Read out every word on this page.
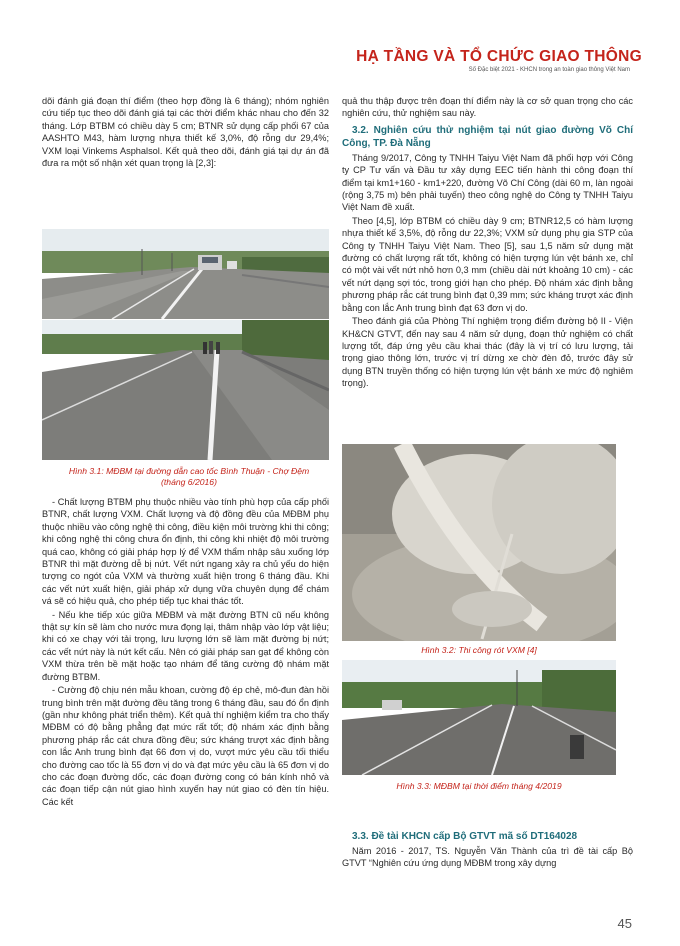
HẠ TẦNG VÀ TỔ CHỨC GIAO THÔNG
Số Đặc biệt 2021 - KHCN trong an toàn giao thông Việt Nam

dõi đánh giá đoạn thí điểm (theo hợp đồng là 6 tháng); nhóm nghiên cứu tiếp tục theo dõi đánh giá tại các thời điểm khác nhau cho đến 32 tháng. Lớp BTBM có chiều dày 5 cm; BTNR sử dụng cấp phối 67 của AASHTO M43, hàm lượng nhựa thiết kế 3,0%, độ rỗng dư 29,4%; VXM loại Vinkems Asphalsol. Kết quả theo dõi, đánh giá tại dự án đã đưa ra một số nhận xét quan trọng là [2,3]:

Hình 3.1: MĐBM tại đường dẫn cao tốc Bình Thuận - Chợ Đệm (tháng 6/2016)

- Chất lượng BTBM phụ thuộc nhiều vào tính phù hợp của cấp phối BTNR, chất lượng VXM. Chất lượng và độ đồng đều của MĐBM phụ thuộc nhiều vào công nghệ thi công, điều kiện môi trường khi thi công; khi công nghệ thi công chưa ổn định, thi công khi nhiệt độ môi trường quá cao, không có giải pháp hợp lý để VXM thẩm nhập sâu xuống lớp BTNR thì mặt đường dễ bị nứt. Vết nứt ngang xảy ra chủ yếu do hiện tượng co ngót của VXM và thường xuất hiện trong 6 tháng đầu. Khi các vết nứt xuất hiện, giải pháp xử dụng vữa chuyên dụng để chám vá sẽ có hiệu quả, cho phép tiếp tục khai thác tốt.

- Nếu khe tiếp xúc giữa MĐBM và mặt đường BTN cũ nếu không thật sự kín sẽ làm cho nước mưa đọng lại, thâm nhập vào lớp vật liệu; khi có xe chạy với tải trọng, lưu lượng lớn sẽ làm mặt đường bị nứt; các vết nứt này là nứt kết cấu. Nên có giải pháp san gạt để không còn VXM thừa trên bề mặt hoặc tạo nhám để tăng cường độ nhám mặt đường BTBM.

- Cường độ chịu nén mẫu khoan, cường độ ép chẻ, mô-đun đàn hồi trung bình trên mặt đường đều tăng trong 6 tháng đầu, sau đó ổn định (gần như không phát triển thêm). Kết quả thí nghiệm kiểm tra cho thấy MĐBM có độ bằng phẳng đạt mức rất tốt; độ nhám xác định bằng phương pháp rắc cát chưa đồng đều; sức kháng trượt xác định bằng con lắc Anh trung bình đạt 66 đơn vị do, vượt mức yêu cầu tối thiểu cho đường cao tốc là 55 đơn vị do và đạt mức yêu cầu là 65 đơn vị do cho các đoạn đường dốc, các đoạn đường cong có bán kính nhỏ và các đoạn tiếp cận nút giao hình xuyến hay nút giao có đèn tín hiệu. Các kết

quả thu thập được trên đoạn thí điểm này là cơ sở quan trọng cho các nghiên cứu, thử nghiệm sau này.

3.2. Nghiên cứu thử nghiệm tại nút giao đường Võ Chí Công, TP. Đà Nẵng

Tháng 9/2017, Công ty TNHH Taiyu Việt Nam đã phối hợp với Công ty CP Tư vấn và Đầu tư xây dựng EEC tiến hành thi công đoạn thí điểm tại km1+160 - km1+220, đường Võ Chí Công (dài 60 m, làn ngoài (rộng 3,75 m) bên phải tuyến) theo công nghệ do Công ty TNHH Taiyu Việt Nam đề xuất.

Theo [4,5], lớp BTBM có chiều dày 9 cm; BTNR12,5 có hàm lượng nhựa thiết kế 3,5%, độ rỗng dư 22,3%; VXM sử dụng phụ gia STP của Công ty TNHH Taiyu Việt Nam. Theo [5], sau 1,5 năm sử dụng mặt đường có chất lượng rất tốt, không có hiện tượng lún vệt bánh xe, chỉ có một vài vết nứt nhỏ hơn 0,3 mm (chiều dài nứt khoảng 10 cm) - các vết nứt dạng sợi tóc, trong giới hạn cho phép. Độ nhám xác định bằng phương pháp rắc cát trung bình đạt 0,39 mm; sức kháng trượt xác định bằng con lắc Anh trung bình đạt 63 đơn vị do.

Theo đánh giá của Phòng Thí nghiệm trọng điểm đường bộ II - Viện KH&CN GTVT, đến nay sau 4 năm sử dụng, đoạn thử nghiệm có chất lượng tốt, đáp ứng yêu cầu khai thác (đây là vị trí có lưu lượng, tải trọng giao thông lớn, trước vị trí dừng xe chờ đèn đỏ, trước đây sử dụng BTN truyền thống có hiện tượng lún vệt bánh xe mức độ nghiêm trọng).

Hình 3.2: Thi công rót VXM [4]
Hình 3.3: MĐBM tại thời điểm tháng 4/2019

3.3. Đề tài KHCN cấp Bộ GTVT mã số DT164028

Năm 2016 - 2017, TS. Nguyễn Văn Thành của trì đề tài cấp Bộ GTVT “Nghiên cứu ứng dụng MĐBM trong xây dựng

45
